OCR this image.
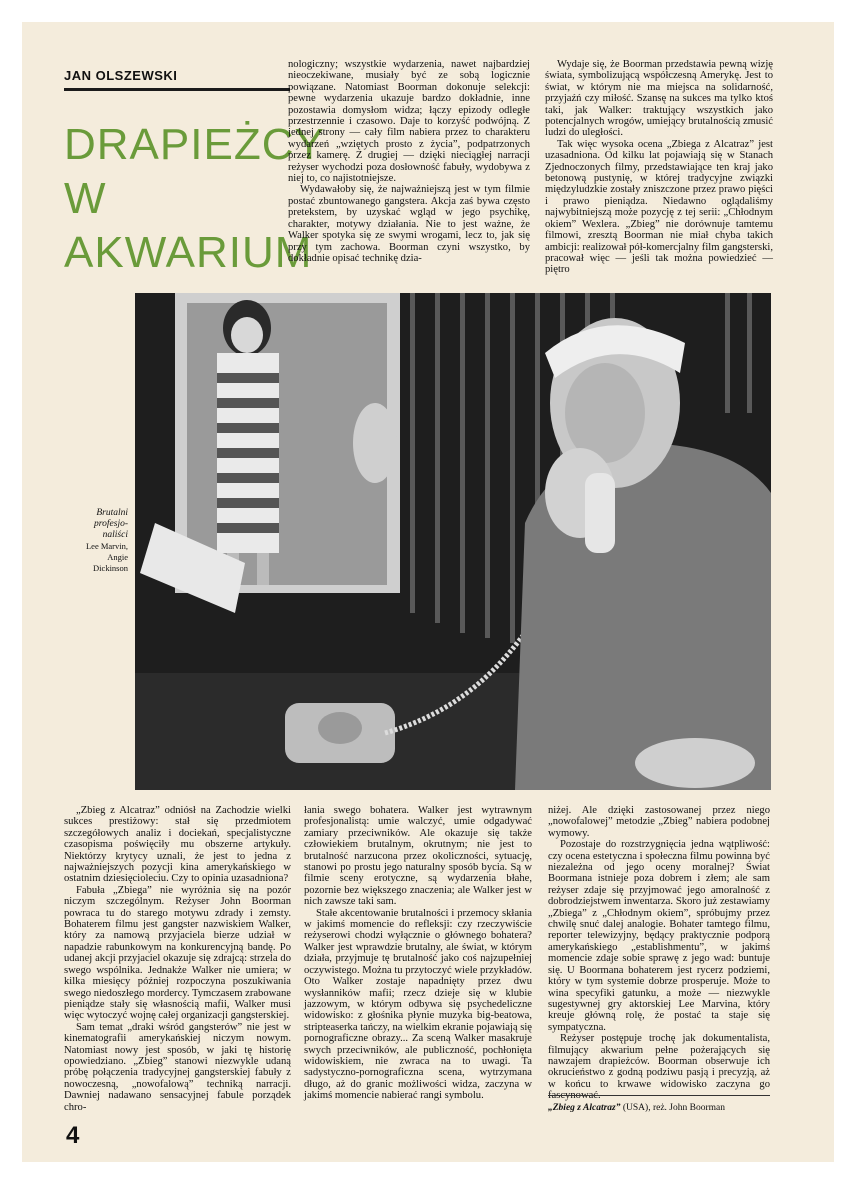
JAN OLSZEWSKI
DRAPIEŻCY
W
AKWARIUM

nologiczny; wszystkie wydarzenia, nawet najbardziej nieoczekiwane, musiały być ze sobą logicznie powiązane. Natomiast Boorman dokonuje selekcji: pewne wydarzenia ukazuje bardzo dokładnie, inne pozostawia domysłom widza; łączy epizody odległe przestrzennie i czasowo. Daje to korzyść podwójną. Z jednej strony — cały film nabiera przez to charakteru wydarzeń „wziętych prosto z życia”, podpatrzonych przez kamerę. Z drugiej — dzięki nieciągłej narracji reżyser wychodzi poza dosłowność fabuły, wydobywa z niej to, co najistotniejsze.

Wydawałoby się, że najważniejszą jest w tym filmie postać zbuntowanego gangstera. Akcja zaś bywa często pretekstem, by uzyskać wgląd w jego psychikę, charakter, motywy działania. Nie to jest ważne, że Walker spotyka się ze swymi wrogami, lecz to, jak się przy tym zachowa. Boorman czyni wszystko, by dokładnie opisać technikę dzia-

Wydaje się, że Boorman przedstawia pewną wizję świata, symbolizującą współczesną Amerykę. Jest to świat, w którym nie ma miejsca na solidarność, przyjaźń czy miłość. Szansę na sukces ma tylko ktoś taki, jak Walker: traktujący wszystkich jako potencjalnych wrogów, umiejący brutalnością zmusić ludzi do uległości.

Tak więc wysoka ocena „Zbiega z Alcatraz” jest uzasadniona. Od kilku lat pojawiają się w Stanach Zjednoczonych filmy, przedstawiające ten kraj jako betonową pustynię, w której tradycyjne związki międzyludzkie zostały zniszczone przez prawo pięści i prawo pieniądza. Niedawno oglądaliśmy najwybitniejszą może pozycję z tej serii: „Chłodnym okiem” Wexlera. „Zbieg” nie dorównuje tamtemu filmowi, zresztą Boorman nie miał chyba takich ambicji: realizował pół-komercjalny film gangsterski, pracował więc — jeśli tak można powiedzieć — piętro

Brutalni
profesjo-
naliści
Lee Marvin,
Angie
Dickinson

„Zbieg z Alcatraz” odniósł na Zachodzie wielki sukces prestiżowy: stał się przedmiotem szczegółowych analiz i dociekań, specjalistyczne czasopisma poświęciły mu obszerne artykuły. Niektórzy krytycy uznali, że jest to jedna z najważniejszych pozycji kina amerykańskiego w ostatnim dziesięcioleciu. Czy to opinia uzasadniona?

Fabuła „Zbiega” nie wyróżnia się na pozór niczym szczególnym. Reżyser John Boorman powraca tu do starego motywu zdrady i zemsty. Bohaterem filmu jest gangster nazwiskiem Walker, który za namową przyjaciela bierze udział w napadzie rabunkowym na konkurencyjną bandę. Po udanej akcji przyjaciel okazuje się zdrajcą: strzela do swego wspólnika. Jednakże Walker nie umiera; w kilka miesięcy później rozpoczyna poszukiwania swego niedoszłego mordercy. Tymczasem zrabowane pieniądze stały się własnością mafii, Walker musi więc wytoczyć wojnę całej organizacji gangsterskiej.

Sam temat „draki wśród gangsterów” nie jest w kinematografii amerykańskiej niczym nowym. Natomiast nowy jest sposób, w jaki tę historię opowiedziano. „Zbieg” stanowi niezwykle udaną próbę połączenia tradycyjnej gangsterskiej fabuły z nowoczesną, „nowofalową” techniką narracji. Dawniej nadawano sensacyjnej fabule porządek chro-

łania swego bohatera. Walker jest wytrawnym profesjonalistą: umie walczyć, umie odgadywać zamiary przeciwników. Ale okazuje się także człowiekiem brutalnym, okrutnym; nie jest to brutalność narzucona przez okoliczności, sytuację, stanowi po prostu jego naturalny sposób bycia. Są w filmie sceny erotyczne, są wydarzenia błahe, pozornie bez większego znaczenia; ale Walker jest w nich zawsze taki sam.

Stałe akcentowanie brutalności i przemocy skłania w jakimś momencie do refleksji: czy rzeczywiście reżyserowi chodzi wyłącznie o głównego bohatera? Walker jest wprawdzie brutalny, ale świat, w którym działa, przyjmuje tę brutalność jako coś najzupełniej oczywistego. Można tu przytoczyć wiele przykładów. Oto Walker zostaje napadnięty przez dwu wysłanników mafii; rzecz dzieje się w klubie jazzowym, w którym odbywa się psychedeliczne widowisko: z głośnika płynie muzyka big-beatowa, striptease​rka tańczy, na wielkim ekranie pojawiają się pornograficzne obrazy... Za sceną Walker masakruje swych przeciwników, ale publiczność, pochłonięta widowiskiem, nie zwraca na to uwagi. Ta sadystyczno-pornograficzna scena, wytrzymana długo, aż do granic możliwości widza, zaczyna w jakimś momencie nabierać rangi symbolu.

niżej. Ale dzięki zastosowanej przez niego „nowofalowej” metodzie „Zbieg” nabiera podobnej wymowy.

Pozostaje do rozstrzygnięcia jedna wątpliwość: czy ocena estetyczna i społeczna filmu powinna być niezależna od jego oceny moralnej? Świat Boormana istnieje poza dobrem i złem; ale sam reżyser zdaje się przyjmować jego amoralność z dobrodziejstwem inwentarza. Skoro już zestawiamy „Zbiega” z „Chłodnym okiem”, spróbujmy przez chwilę snuć dalej analogie. Bohater tamtego filmu, reporter telewizyjny, będący praktycznie podporą amerykańskiego „establishmentu”, w jakimś momencie zdaje sobie sprawę z jego wad: buntuje się. U Boormana bohaterem jest rycerz podziemi, który w tym systemie dobrze prosperuje. Może to wina specyfiki gatunku, a może — niezwykle sugestywnej gry aktorskiej Lee Marvina, który kreuje główną rolę, że postać ta staje się sympatyczna.

Reżyser postępuje trochę jak dokumentalista, filmujący akwarium pełne pożerających się nawzajem drapieżców. Boorman obserwuje ich okrucieństwo z godną podziwu pasją i precyzją, aż w końcu to krwawe widowisko zaczyna go

„Zbieg z Alcatraz” (USA), reż. John Boorman
4
